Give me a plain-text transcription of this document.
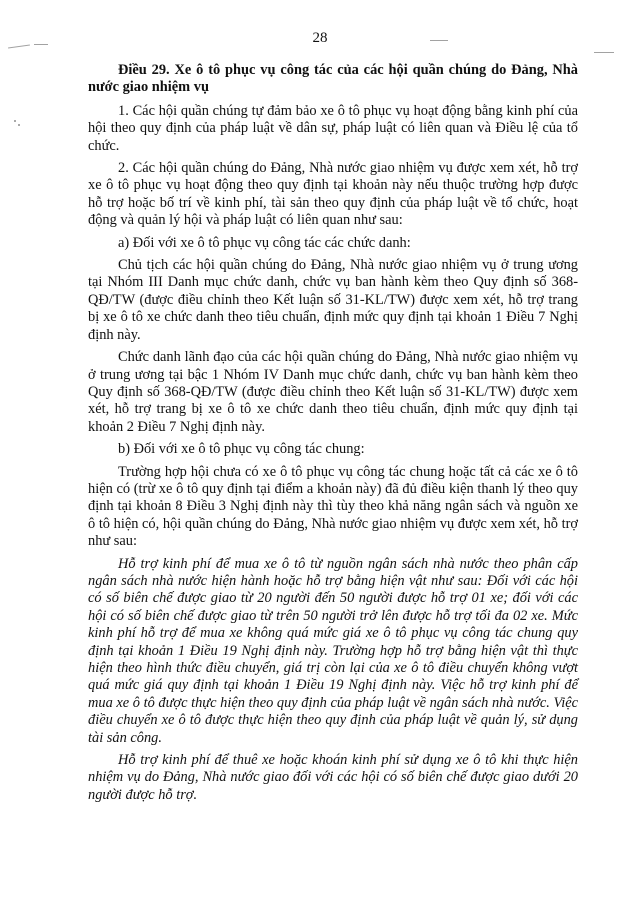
28

Điều 29. Xe ô tô phục vụ công tác của các hội quần chúng do Đảng, Nhà nước giao nhiệm vụ

1. Các hội quần chúng tự đảm bảo xe ô tô phục vụ hoạt động bằng kinh phí của hội theo quy định của pháp luật về dân sự, pháp luật có liên quan và Điều lệ của tổ chức.

2. Các hội quần chúng do Đảng, Nhà nước giao nhiệm vụ được xem xét, hỗ trợ xe ô tô phục vụ hoạt động theo quy định tại khoản này nếu thuộc trường hợp được hỗ trợ hoặc bố trí về kinh phí, tài sản theo quy định của pháp luật về tổ chức, hoạt động và quản lý hội và pháp luật có liên quan như sau:

a) Đối với xe ô tô phục vụ công tác các chức danh:

Chủ tịch các hội quần chúng do Đảng, Nhà nước giao nhiệm vụ ở trung ương tại Nhóm III Danh mục chức danh, chức vụ ban hành kèm theo Quy định số 368-QĐ/TW (được điều chỉnh theo Kết luận số 31-KL/TW) được xem xét, hỗ trợ trang bị xe ô tô xe chức danh theo tiêu chuẩn, định mức quy định tại khoản 1 Điều 7 Nghị định này.

Chức danh lãnh đạo của các hội quần chúng do Đảng, Nhà nước giao nhiệm vụ ở trung ương tại bậc 1 Nhóm IV Danh mục chức danh, chức vụ ban hành kèm theo Quy định số 368-QĐ/TW (được điều chỉnh theo Kết luận số 31-KL/TW) được xem xét, hỗ trợ trang bị xe ô tô xe chức danh theo tiêu chuẩn, định mức quy định tại khoản 2 Điều 7 Nghị định này.

b) Đối với xe ô tô phục vụ công tác chung:

Trường hợp hội chưa có xe ô tô phục vụ công tác chung hoặc tất cả các xe ô tô hiện có (trừ xe ô tô quy định tại điểm a khoản này) đã đủ điều kiện thanh lý theo quy định tại khoản 8 Điều 3 Nghị định này thì tùy theo khả năng ngân sách và nguồn xe ô tô hiện có, hội quần chúng do Đảng, Nhà nước giao nhiệm vụ được xem xét, hỗ trợ như sau:

Hỗ trợ kinh phí để mua xe ô tô từ nguồn ngân sách nhà nước theo phân cấp ngân sách nhà nước hiện hành hoặc hỗ trợ bằng hiện vật như sau: Đối với các hội có số biên chế được giao từ 20 người đến 50 người được hỗ trợ 01 xe; đối với các hội có số biên chế được giao từ trên 50 người trở lên được hỗ trợ tối đa 02 xe. Mức kinh phí hỗ trợ để mua xe không quá mức giá xe ô tô phục vụ công tác chung quy định tại khoản 1 Điều 19 Nghị định này. Trường hợp hỗ trợ bằng hiện vật thì thực hiện theo hình thức điều chuyển, giá trị còn lại của xe ô tô điều chuyển không vượt quá mức giá quy định tại khoản 1 Điều 19 Nghị định này. Việc hỗ trợ kinh phí để mua xe ô tô được thực hiện theo quy định của pháp luật về ngân sách nhà nước. Việc điều chuyển xe ô tô được thực hiện theo quy định của pháp luật về quản lý, sử dụng tài sản công.

Hỗ trợ kinh phí để thuê xe hoặc khoán kinh phí sử dụng xe ô tô khi thực hiện nhiệm vụ do Đảng, Nhà nước giao đối với các hội có số biên chế được giao dưới 20 người được hỗ trợ.
